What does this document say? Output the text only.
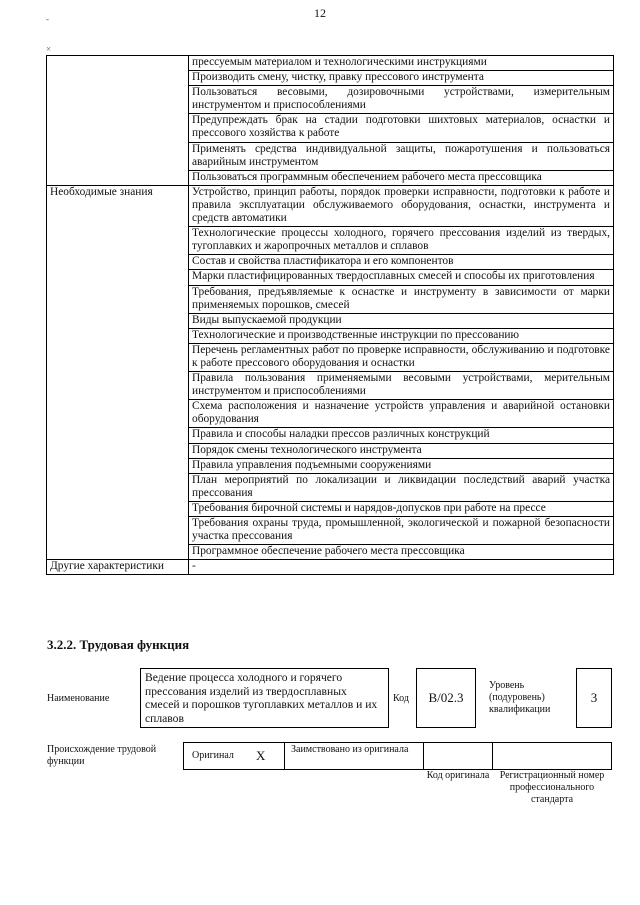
12
-
×
	прессуемым материалом и технологическими инструкциями
	Производить смену, чистку, правку прессового инструмента
	Пользоваться весовыми, дозировочными устройствами, измерительным инструментом и приспособлениями
	Предупреждать брак на стадии подготовки шихтовых материалов, оснастки и прессового хозяйства к работе
	Применять средства индивидуальной защиты, пожаротушения и пользоваться аварийным инструментом
	Пользоваться программным обеспечением рабочего места прессовщика
Необходимые знания	Устройство, принцип работы, порядок проверки исправности, подготовки к работе и правила эксплуатации обслуживаемого оборудования, оснастки, инструмента и средств автоматики
	Технологические процессы холодного, горячего прессования изделий из твердых, тугоплавких и жаропрочных металлов и сплавов
	Состав и свойства пластификатора и его компонентов
	Марки пластифицированных твердосплавных смесей и способы их приготовления
	Требования, предъявляемые к оснастке и инструменту в зависимости от марки применяемых порошков, смесей
	Виды выпускаемой продукции
	Технологические и производственные инструкции по прессованию
	Перечень регламентных работ по проверке исправности, обслуживанию и подготовке к работе прессового оборудования и оснастки
	Правила пользования применяемыми весовыми устройствами, мерительным инструментом и приспособлениями
	Схема расположения и назначение устройств управления и аварийной остановки оборудования
	Правила и способы наладки прессов различных конструкций
	Порядок смены технологического инструмента
	Правила управления подъемными сооружениями
	План мероприятий по локализации и ликвидации последствий аварий участка прессования
	Требования бирочной системы и нарядов-допусков при работе на прессе
	Требования охраны труда, промышленной, экологической и пожарной безопасности участка прессования
	Программное обеспечение рабочего места прессовщика
Другие характеристики	-
3.2.2. Трудовая функция
Наименование
Ведение процесса холодного и горячего прессования изделий из твердосплавных смесей и порошков тугоплавких металлов и их сплавов
Код	В/02.3
Уровень (подуровень) квалификации
3
Происхождение трудовой функции
Оригинал X	Заимствовано из оригинала
Код оригинала	Регистрационный номер профессионального стандарта
